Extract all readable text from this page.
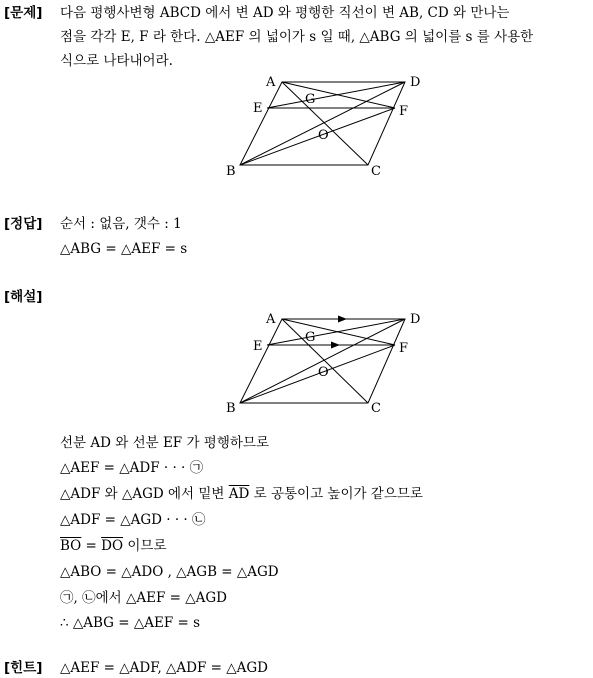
[문제] 다음 평행사변형 ABCD 에서 변 AD 와 평행한 직선이 변 AB, CD 와 만나는
점을 각각 E, F 라 한다. △AEF 의 넓이가 s 일 때, △ABG 의 넓이를 s 를 사용한
식으로 나타내어라.
A	D
E
G
F
O
B	C
[정답] 순서 : 없음, 갯수 : 1
△ABG = △AEF = s
[해설]
A	D
E
G
F
O
B	C
선분 AD 와 선분 EF 가 평행하므로
△AEF = △ADF · · · ㉠
△ADF 와 △AGD 에서 밑변 $\overline{AD}$ 로 공통이고 높이가 같으므로
△ADF = △AGD · · · ㉡
$\overline{BO} = \overline{DO}$ 이므로
△ABO = △ADO , △AGB = △AGD
㉠, ㉡에서 △AEF = △AGD
∴ △ABG = △AEF = s
[힌트] △AEF = △ADF, △ADF = △AGD
